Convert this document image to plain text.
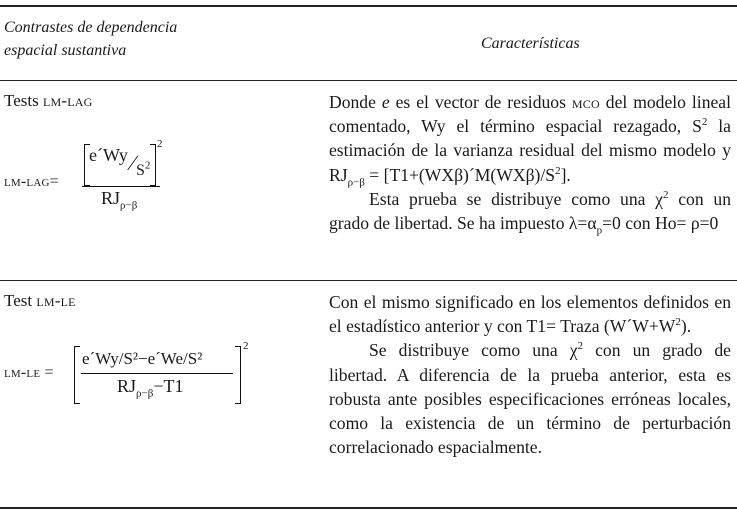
Contrastes de dependencia
espacial sustantiva	Características
Tests lm-lag
lm-lag=
e´Wy ∕ $S^2$
2
$RJ_{\rho-\beta}$

Donde e es el vector de residuos mco del modelo lineal comentado, Wy el término espacial rezagado, $S^2$ la estimación de la varianza residual del mismo modelo y $RJ_{\rho-\beta}$ = $[T1+(WX\beta)´M(WX\beta)/S^2]$.

Esta prueba se distribuye como una $\chi^2$ con un grado de libertad. Se ha impuesto $\lambda=\alpha_p=0$ con Ho= ρ=0

Test lm-le
lm-le =
e´Wy/S²−e´We/S²
2
$RJ_{\rho-\beta}-T1$

Con el mismo significado en los elementos definidos en el estadístico anterior y con T1= Traza $(W´W+W^2)$.

Se distribuye como una $\chi^2$ con un grado de libertad. A diferencia de la prueba anterior, esta es robusta ante posibles especificaciones erróneas locales, como la existencia de un término de perturbación correlacionado espacialmente.
